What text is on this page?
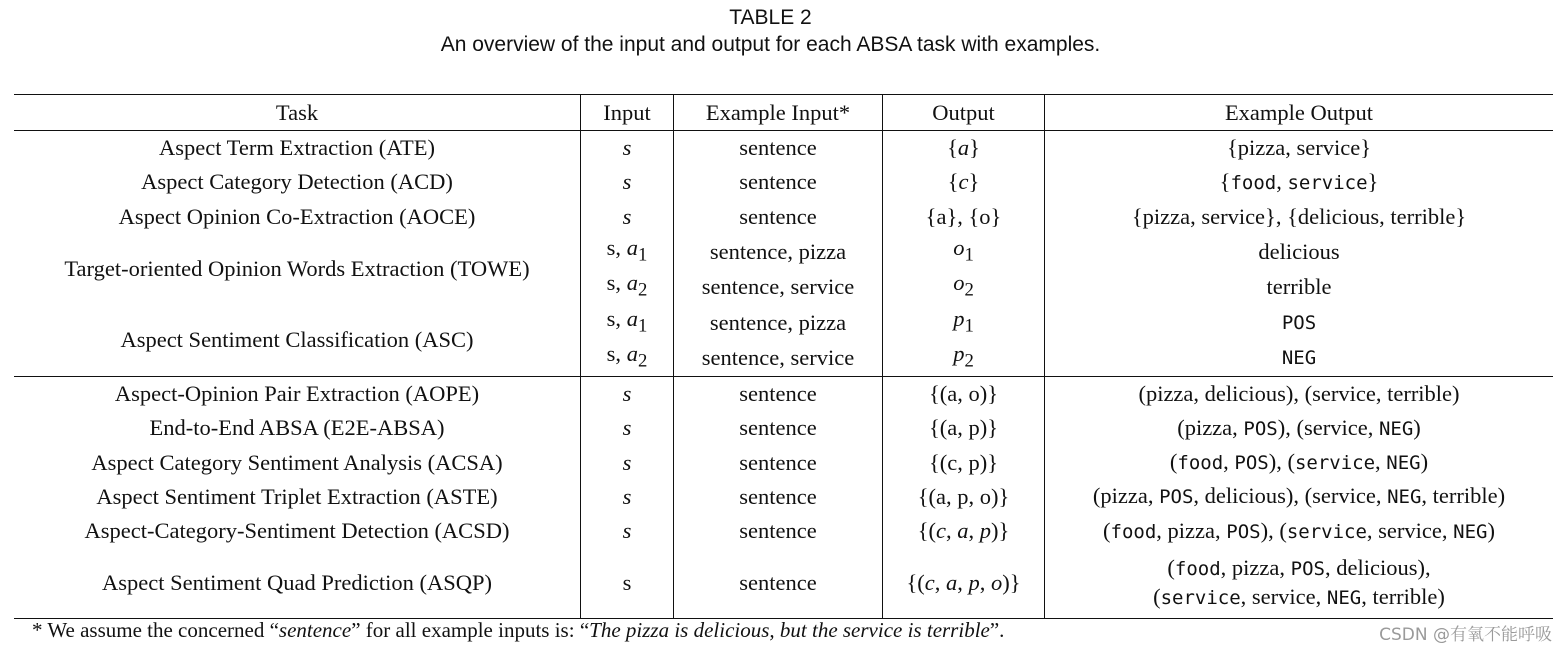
TABLE 2
An overview of the input and output for each ABSA task with examples.
Task	Input	Example Input*	Output	Example Output
Aspect Term Extraction (ATE)	s	sentence	{a}	{pizza, service}
Aspect Category Detection (ACD)	s	sentence	{c}	{food, service}
Aspect Opinion Co-Extraction (AOCE)	s	sentence	{a}, {o}	{pizza, service}, {delicious, terrible}
Target-oriented Opinion Words Extraction (TOWE)	s, $a_1$	sentence, pizza	$o_1$	delicious
	s, $a_2$	sentence, service	$o_2$	terrible
Aspect Sentiment Classification (ASC)	s, $a_1$	sentence, pizza	$p_1$	POS
	s, $a_2$	sentence, service	$p_2$	NEG
Aspect-Opinion Pair Extraction (AOPE)	s	sentence	{(a, o)}	(pizza, delicious), (service, terrible)
End-to-End ABSA (E2E-ABSA)	s	sentence	{(a, p)}	(pizza, POS), (service, NEG)
Aspect Category Sentiment Analysis (ACSA)	s	sentence	{(c, p)}	(food, POS), (service, NEG)
Aspect Sentiment Triplet Extraction (ASTE)	s	sentence	{(a, p, o)}	(pizza, POS, delicious), (service, NEG, terrible)
Aspect-Category-Sentiment Detection (ACSD)	s	sentence	{(c, a, p)}	(food, pizza, POS), (service, service, NEG)
Aspect Sentiment Quad Prediction (ASQP)	s	sentence	{(c, a, p, o)}	(food, pizza, POS, delicious),
(service, service, NEG, terrible)
* We assume the concerned “sentence” for all example inputs is: “The pizza is delicious, but the service is terrible”.	CSDN @有氧不能呼吸
